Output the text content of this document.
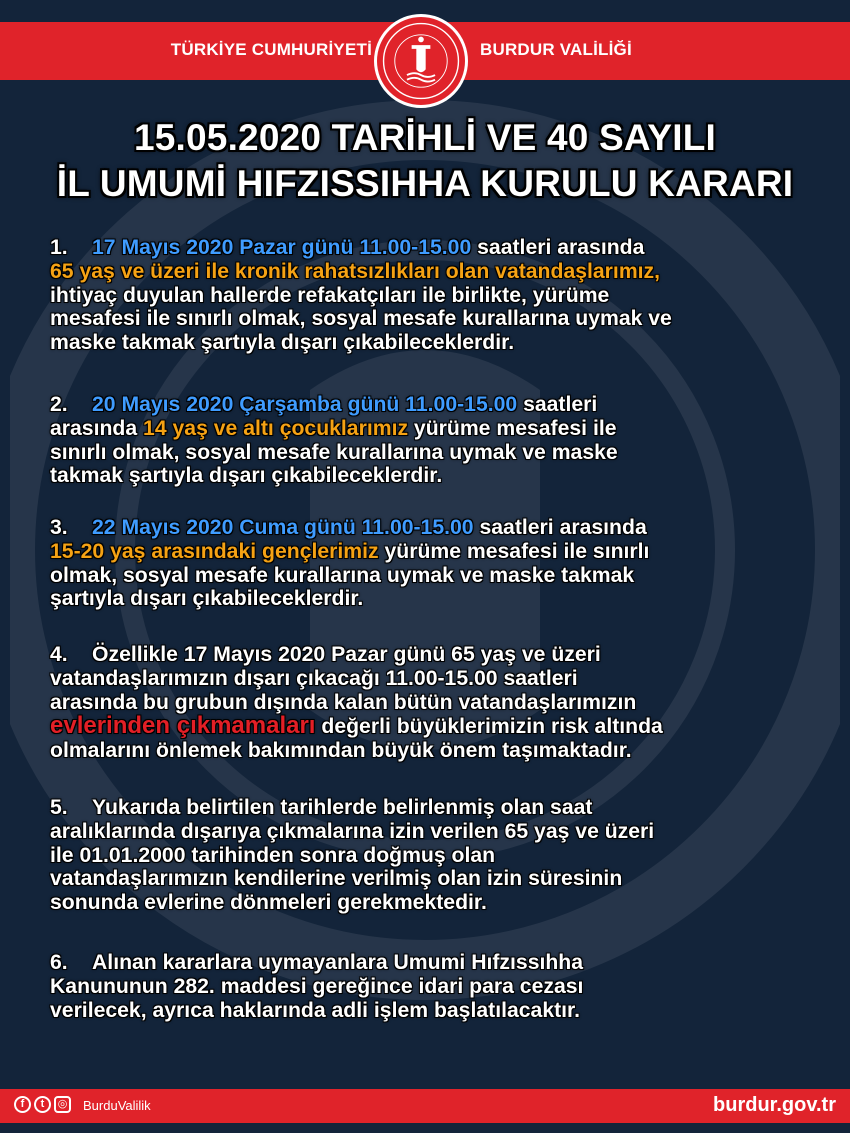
TÜRKİYE CUMHURİYETİ	BURDUR VALİLİĞİ
15.05.2020 TARİHLİ VE 40 SAYILI
İL UMUMİ HIFZISSIHHA KURULU KARARI
1. 17 Mayıs 2020 Pazar günü 11.00-15.00 saatleri arasında
65 yaş ve üzeri ile kronik rahatsızlıkları olan vatandaşlarımız,
ihtiyaç duyulan hallerde refakatçıları ile birlikte, yürüme
mesafesi ile sınırlı olmak, sosyal mesafe kurallarına uymak ve
maske takmak şartıyla dışarı çıkabileceklerdir.
2. 20 Mayıs 2020 Çarşamba günü 11.00-15.00 saatleri
arasında 14 yaş ve altı çocuklarımız yürüme mesafesi ile
sınırlı olmak, sosyal mesafe kurallarına uymak ve maske
takmak şartıyla dışarı çıkabileceklerdir.
3. 22 Mayıs 2020 Cuma günü 11.00-15.00 saatleri arasında
15-20 yaş arasındaki gençlerimiz yürüme mesafesi ile sınırlı
olmak, sosyal mesafe kurallarına uymak ve maske takmak
şartıyla dışarı çıkabileceklerdir.
4. Özellikle 17 Mayıs 2020 Pazar günü 65 yaş ve üzeri
vatandaşlarımızın dışarı çıkacağı 11.00-15.00 saatleri
arasında bu grubun dışında kalan bütün vatandaşlarımızın
evlerinden çıkmamaları değerli büyüklerimizin risk altında
olmalarını önlemek bakımından büyük önem taşımaktadır.
5. Yukarıda belirtilen tarihlerde belirlenmiş olan saat
aralıklarında dışarıya çıkmalarına izin verilen 65 yaş ve üzeri
ile 01.01.2000 tarihinden sonra doğmuş olan
vatandaşlarımızın kendilerine verilmiş olan izin süresinin
sonunda evlerine dönmeleri gerekmektedir.
6. Alınan kararlara uymayanlara Umumi Hıfzıssıhha
Kanununun 282. maddesi gereğince idari para cezası
verilecek, ayrıca haklarında adli işlem başlatılacaktır.
f	t	◎ BurduValilik	burdur.gov.tr
